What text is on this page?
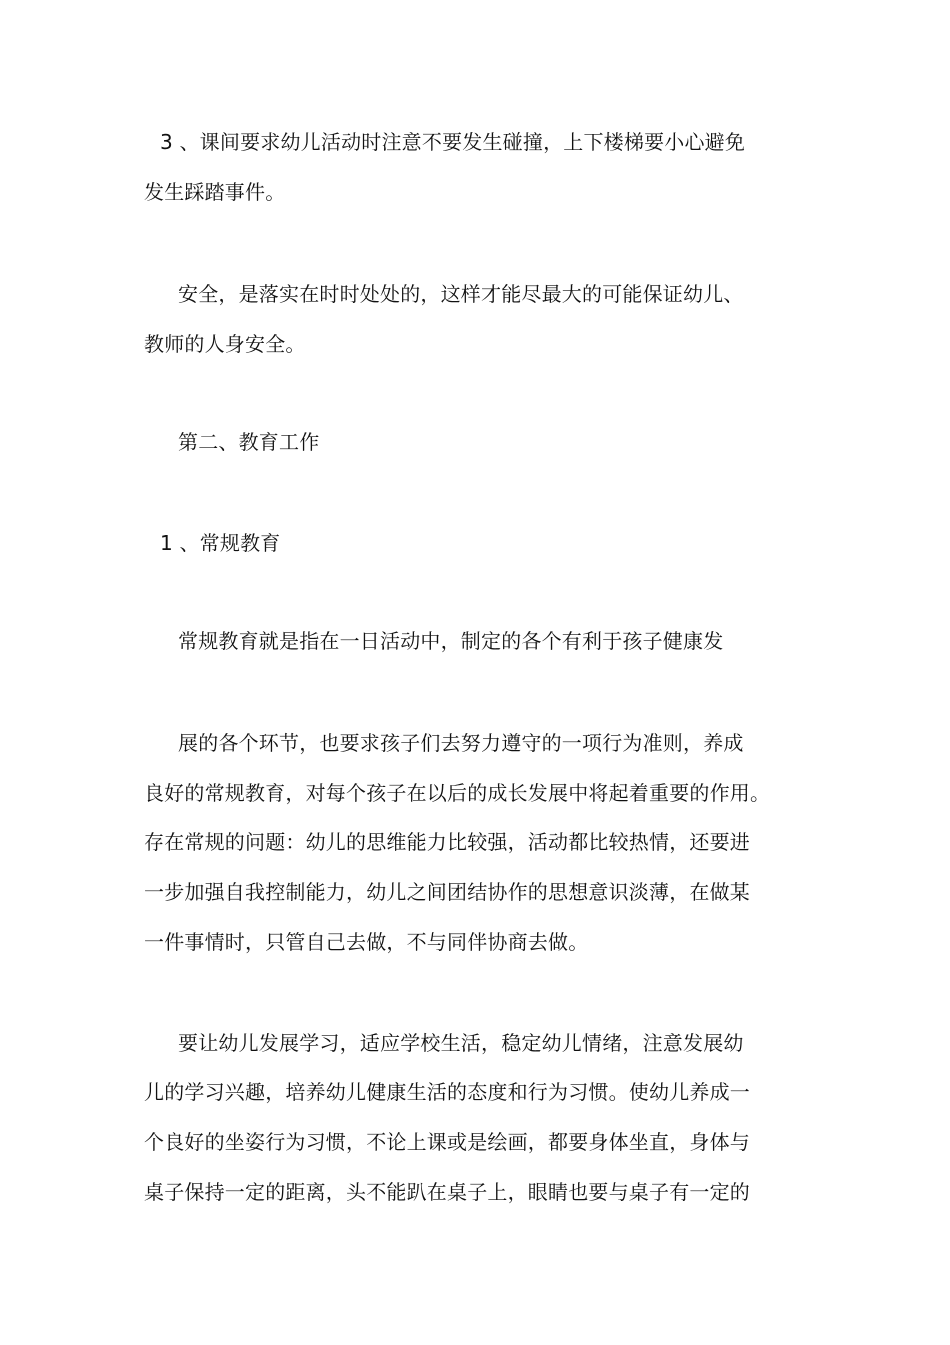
3 、课间要求幼儿活动时注意不要发生碰撞，上下楼梯要小心避免
发生踩踏事件。
安全，是落实在时时处处的，这样才能尽最大的可能保证幼儿、
教师的人身安全。
第二、教育工作
1 、常规教育
常规教育就是指在一日活动中，制定的各个有利于孩子健康发
展的各个环节，也要求孩子们去努力遵守的一项行为准则，养成
良好的常规教育，对每个孩子在以后的成长发展中将起着重要的作用。
存在常规的问题：幼儿的思维能力比较强，活动都比较热情，还要进
一步加强自我控制能力，幼儿之间团结协作的思想意识淡薄，在做某
一件事情时，只管自己去做，不与同伴协商去做。
要让幼儿发展学习，适应学校生活，稳定幼儿情绪，注意发展幼
儿的学习兴趣，培养幼儿健康生活的态度和行为习惯。使幼儿养成一
个良好的坐姿行为习惯，不论上课或是绘画，都要身体坐直，身体与
桌子保持一定的距离，头不能趴在桌子上，眼睛也要与桌子有一定的
